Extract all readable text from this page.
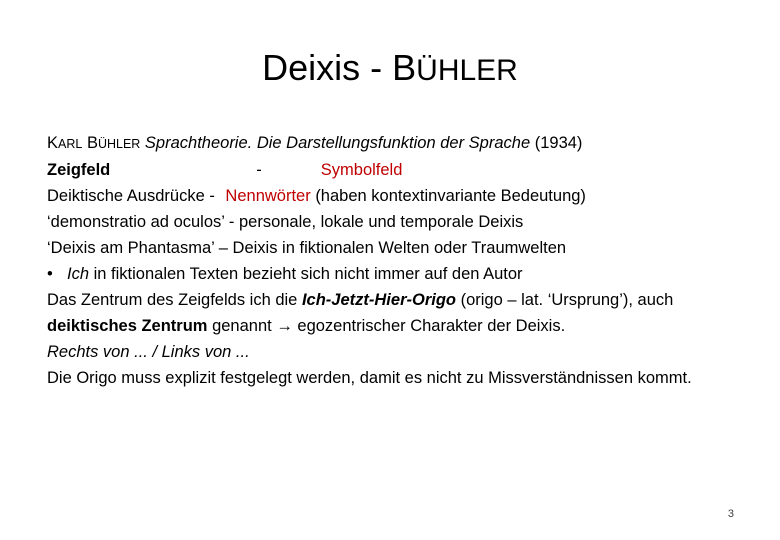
Deixis - BÜHLER
KARL BÜHLER Sprachtheorie. Die Darstellungsfunktion der Sprache (1934)
Zeigfeld	-	Symbolfeld
Deiktische Ausdrücke - Nennwörter (haben kontextinvariante Bedeutung)
‘demonstratio ad oculos’ - personale, lokale und temporale Deixis
‘Deixis am Phantasma’ – Deixis in fiktionalen Welten oder Traumwelten
• Ich in fiktionalen Texten bezieht sich nicht immer auf den Autor
Das Zentrum des Zeigfelds ich die Ich-Jetzt-Hier-Origo (origo – lat. ‘Ursprung’), auch deiktisches Zentrum genannt → egozentrischer Charakter der Deixis.
Rechts von ... / Links von ...
Die Origo muss explizit festgelegt werden, damit es nicht zu Missverständnissen kommt.
3
